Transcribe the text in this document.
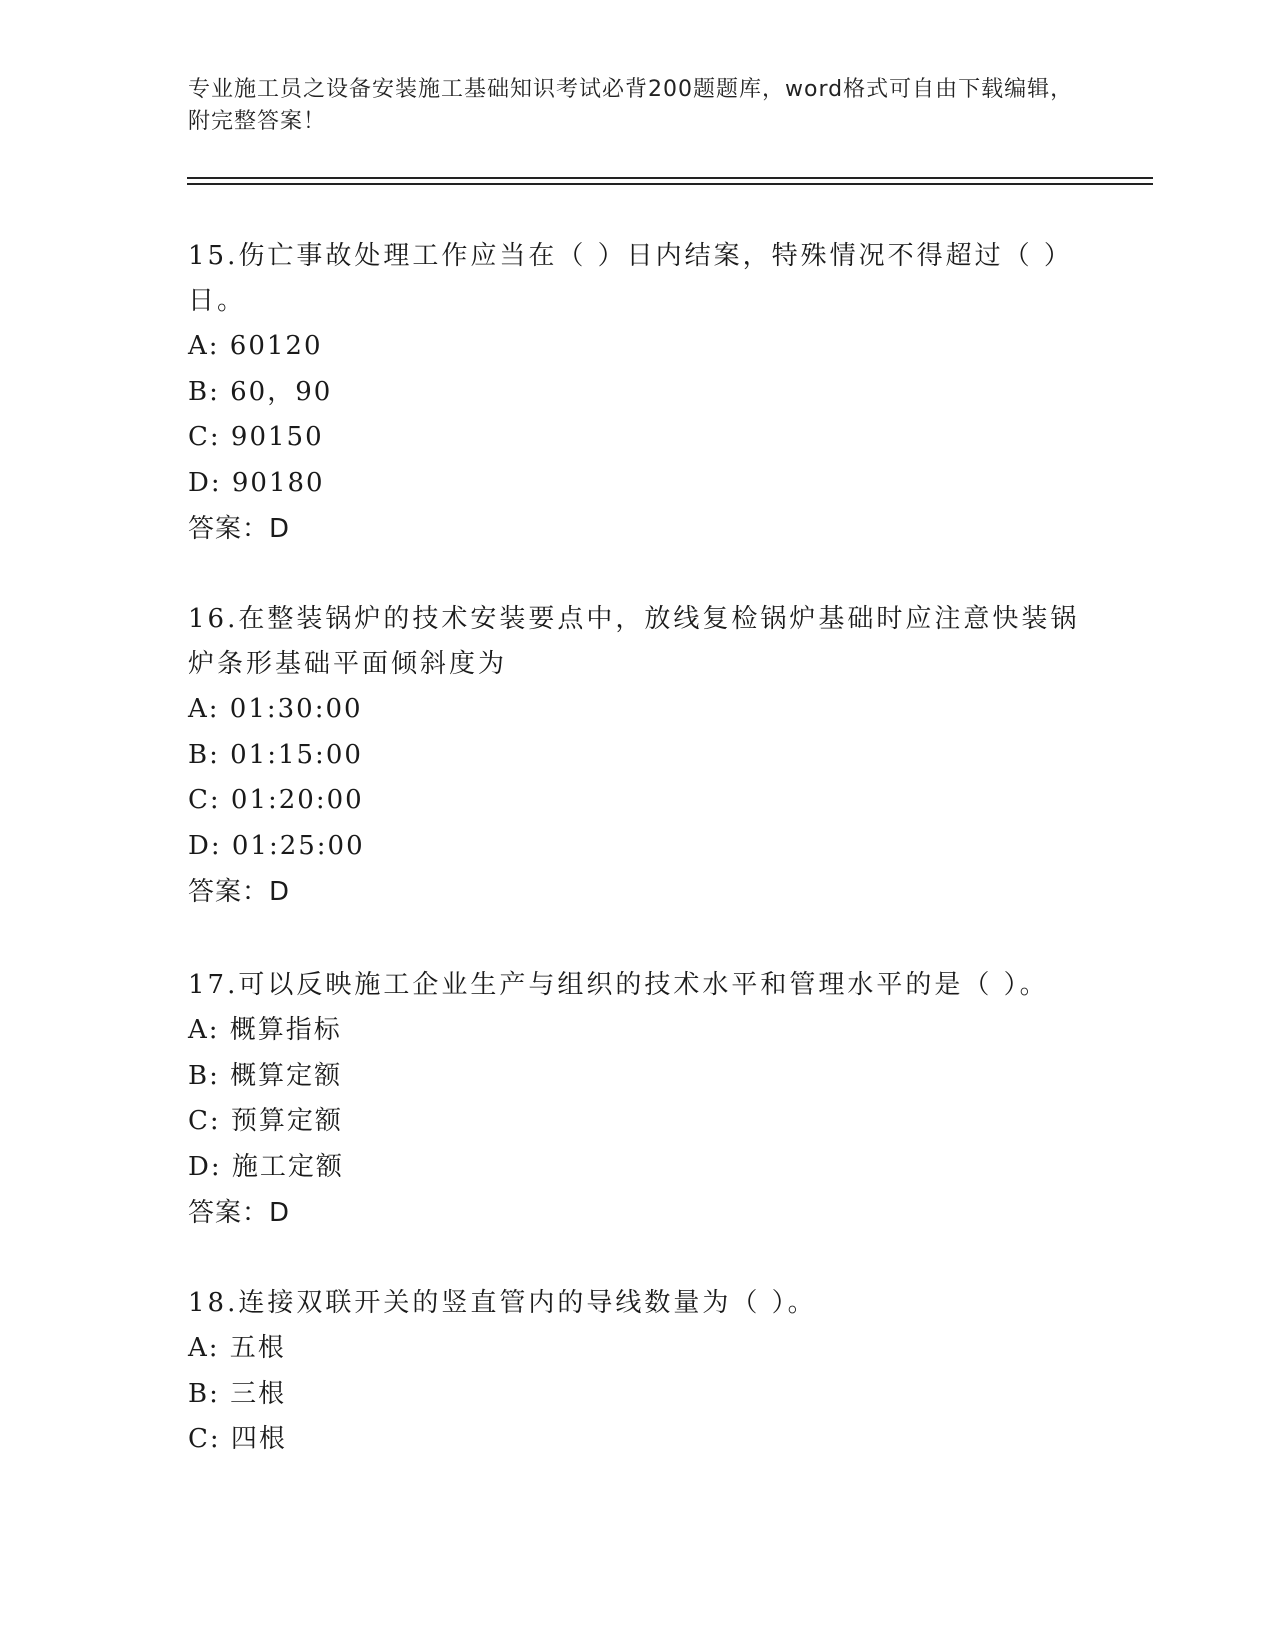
专业施工员之设备安装施工基础知识考试必背200题题库，word格式可自由下载编辑，附完整答案！

15.伤亡事故处理工作应当在（ ）日内结案，特殊情况不得超过（ ）日。

A: 60120
B: 60，90
C: 90150
D: 90180
答案：D

16.在整装锅炉的技术安装要点中，放线复检锅炉基础时应注意快装锅炉条形基础平面倾斜度为

A: 01:30:00
B: 01:15:00
C: 01:20:00
D: 01:25:00
答案：D

17.可以反映施工企业生产与组织的技术水平和管理水平的是（ ）。

A: 概算指标
B: 概算定额
C: 预算定额
D: 施工定额
答案：D

18.连接双联开关的竖直管内的导线数量为（ ）。

A: 五根
B: 三根
C: 四根
